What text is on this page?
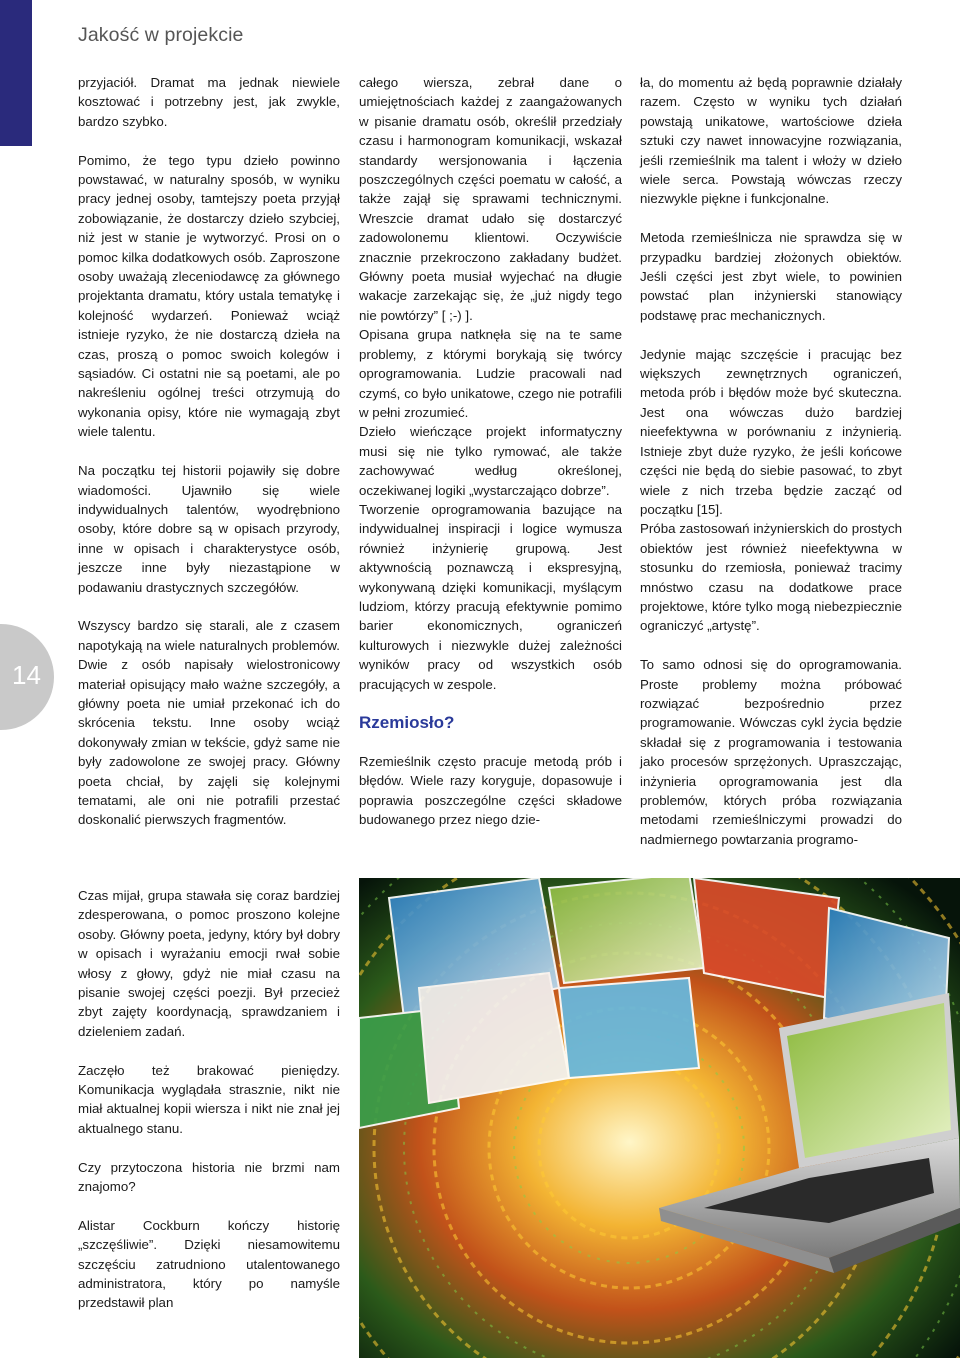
Jakość w projekcie
14

przyjaciół. Dramat ma jednak niewiele kosztować i potrzebny jest, jak zwykle, bardzo szybko.

Pomimo, że tego typu dzieło powinno powstawać, w naturalny sposób, w wyniku pracy jednej osoby, tamtejszy poeta przyjął zobowiązanie, że dostarczy dzieło szybciej, niż jest w stanie je wytworzyć. Prosi on o pomoc kilka dodatkowych osób. Zaproszone osoby uważają zleceniodawcę za głównego projektanta dramatu, który ustala tematykę i kolejność wydarzeń. Ponieważ wciąż istnieje ryzyko, że nie dostarczą dzieła na czas, proszą o pomoc swoich kolegów i sąsiadów. Ci ostatni nie są poetami, ale po nakreśleniu ogólnej treści otrzymują do wykonania opisy, które nie wymagają zbyt wiele talentu.

Na początku tej historii pojawiły się dobre wiadomości. Ujawniło się wiele indywidualnych talentów, wyodrębniono osoby, które dobre są w opisach przyrody, inne w opisach i charakterystyce osób, jeszcze inne były niezastąpione w podawaniu drastycznych szczegółów.

Wszyscy bardzo się starali, ale z czasem napotykają na wiele naturalnych problemów. Dwie z osób napisały wielostronicowy materiał opisujący mało ważne szczegóły, a główny poeta nie umiał przekonać ich do skrócenia tekstu. Inne osoby wciąż dokonywały zmian w tekście, gdyż same nie były zadowolone ze swojej pracy. Główny poeta chciał, by zajęli się kolejnymi tematami, ale oni nie potrafili przestać doskonalić pierwszych fragmentów.

Czas mijał, grupa stawała się coraz bardziej zdesperowana, o pomoc proszono kolejne osoby. Główny poeta, jedyny, który był dobry w opisach i wyrażaniu emocji rwał sobie włosy z głowy, gdyż nie miał czasu na pisanie swojej części poezji. Był przecież zbyt zajęty koordynacją, sprawdzaniem i dzieleniem zadań.

Zaczęło też brakować pieniędzy. Komunikacja wyglądała strasznie, nikt nie miał aktualnej kopii wiersza i nikt nie znał jej aktualnego stanu.

Czy przytoczona historia nie brzmi nam znajomo?

Alistar Cockburn kończy historię „szczęśliwie”. Dzięki niesamowitemu szczęściu zatrudniono utalentowanego administratora, który po namyśle przedstawił plan

całego wiersza, zebrał dane o umiejętnościach każdej z zaangażowanych w pisanie dramatu osób, określił przedziały czasu i harmonogram komunikacji, wskazał standardy wersjonowania i łączenia poszczególnych części poematu w całość, a także zajął się sprawami technicznymi. Wreszcie dramat udało się dostarczyć zadowolonemu klientowi. Oczywiście znacznie przekroczono zakładany budżet. Główny poeta musiał wyjechać na długie wakacje zarzekając się, że „już nigdy tego nie powtórzy” [ ;-) ].

Opisana grupa natknęła się na te same problemy, z którymi borykają się twórcy oprogramowania. Ludzie pracowali nad czymś, co było unikatowe, czego nie potrafili w pełni zrozumieć.

Dzieło wieńczące projekt informatyczny musi się nie tylko rymować, ale także zachowywać według określonej, oczekiwanej logiki „wystarczająco dobrze”.

Tworzenie oprogramowania bazujące na indywidualnej inspiracji i logice wymusza również inżynierię grupową. Jest aktywnością poznawczą i ekspresyjną, wykonywaną dzięki komunikacji, myślącym ludziom, którzy pracują efektywnie pomimo barier ekonomicznych, ograniczeń kulturowych i niezwykle dużej zależności wyników pracy od wszystkich osób pracujących w zespole.

Rzemiosło?

Rzemieślnik często pracuje metodą prób i błędów. Wiele razy koryguje, dopasowuje i poprawia poszczególne części składowe budowanego przez niego dzie-

ła, do momentu aż będą poprawnie działały razem. Często w wyniku tych działań powstają unikatowe, wartościowe dzieła sztuki czy nawet innowacyjne rozwiązania, jeśli rzemieślnik ma talent i włoży w dzieło wiele serca. Powstają wówczas rzeczy niezwykle piękne i funkcjonalne.

Metoda rzemieślnicza nie sprawdza się w przypadku bardziej złożonych obiektów. Jeśli części jest zbyt wiele, to powinien powstać plan inżynierski stanowiący podstawę prac mechanicznych.

Jedynie mając szczęście i pracując bez większych zewnętrznych ograniczeń, metoda prób i błędów może być skuteczna. Jest ona wówczas dużo bardziej nieefektywna w porównaniu z inżynierią. Istnieje zbyt duże ryzyko, że jeśli końcowe części nie będą do siebie pasować, to zbyt wiele z nich trzeba będzie zacząć od początku [15].

Próba zastosowań inżynierskich do prostych obiektów jest również nieefektywna w stosunku do rzemiosła, ponieważ tracimy mnóstwo czasu na dodatkowe prace projektowe, które tylko mogą niebezpiecznie ograniczyć „artystę”.

To samo odnosi się do oprogramowania. Proste problemy można próbować rozwiązać bezpośrednio przez programowanie. Wówczas cykl życia będzie składał się z programowania i testowania jako procesów sprzężonych. Upraszczając, inżynieria oprogramowania jest dla problemów, których próba rozwiązania metodami rzemieślniczymi prowadzi do nadmiernego powtarzania programo-
